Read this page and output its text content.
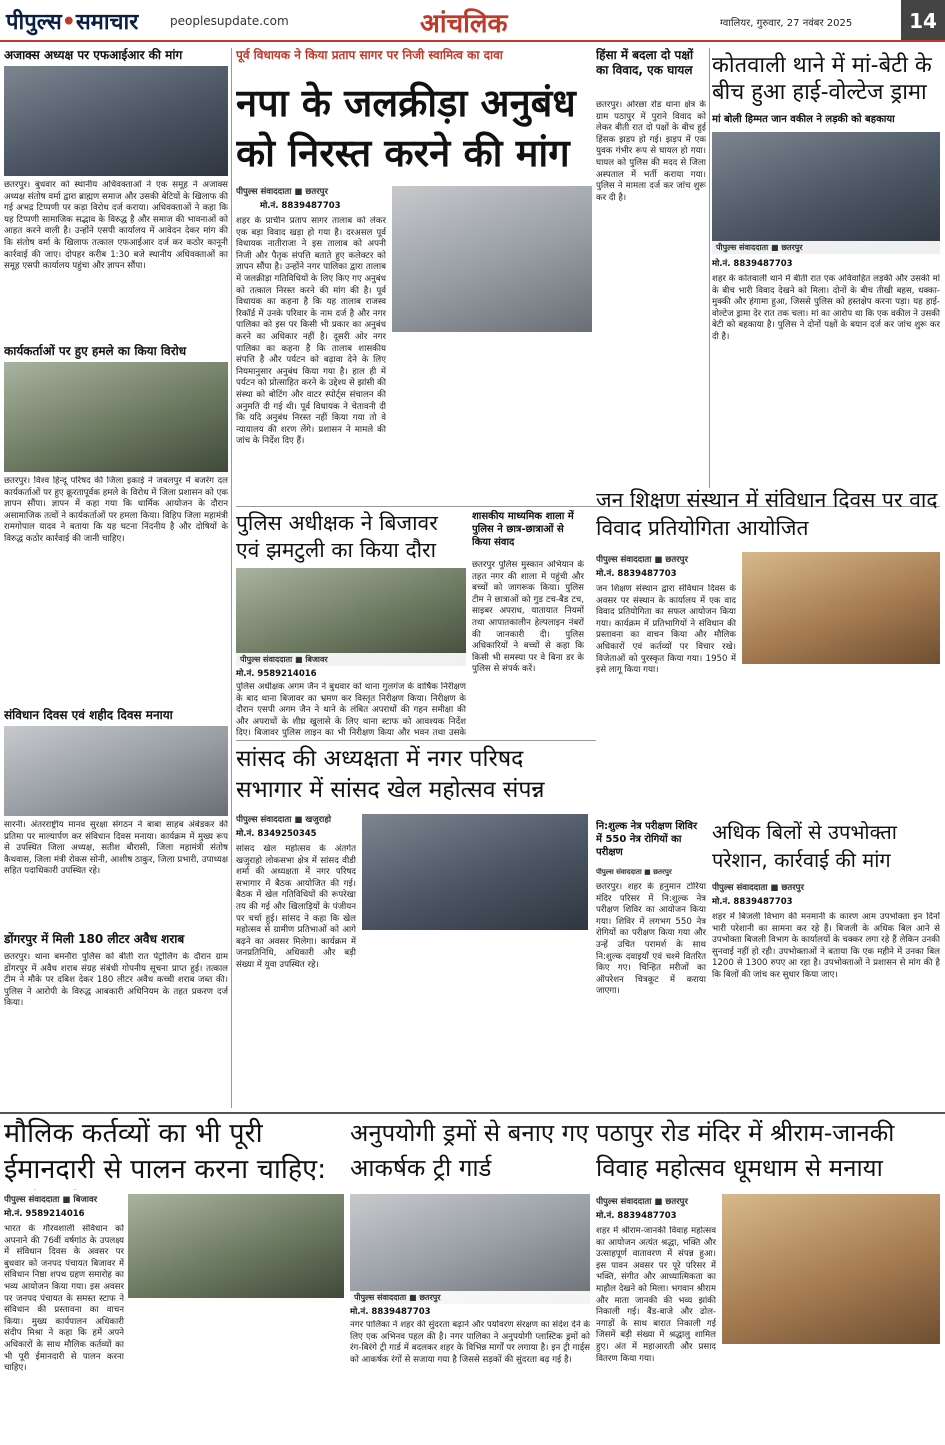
पीपुल्स•समाचार	peoplesupdate.com	आंचलिक	ग्वालियर, गुरुवार, 27 नवंबर 2025	14
अजाक्स अध्यक्ष पर एफआईआर की मांग
छतरपुर। बुधवार को स्थानीय अधिवक्ताओं ने एक समूह ने अजाक्स अध्यक्ष संतोष वर्मा द्वारा ब्राह्मण समाज और उसकी बेटियों के खिलाफ की गई अभद्र टिप्पणी पर कड़ा विरोध दर्ज कराया। अधिवक्ताओं ने कहा कि यह टिप्पणी सामाजिक सद्भाव के विरुद्ध है और समाज की भावनाओं को आहत करने वाली है। उन्होंने एसपी कार्यालय में आवेदन देकर मांग की कि संतोष वर्मा के खिलाफ तत्काल एफआईआर दर्ज कर कठोर कानूनी कार्रवाई की जाए। दोपहर करीब 1:30 बजे स्थानीय अधिवक्ताओं का समूह एसपी कार्यालय पहुंचा और ज्ञापन सौंपा।
कार्यकर्ताओं पर हुए हमले का किया विरोध
छतरपुर। विश्व हिन्दू परिषद की जिला इकाई ने जबलपुर में बजरंग दल कार्यकर्ताओं पर हुए क्रूरतापूर्वक हमले के विरोध में जिला प्रशासन को एक ज्ञापन सौंपा। ज्ञापन में कहा गया कि धार्मिक आयोजन के दौरान असामाजिक तत्वों ने कार्यकर्ताओं पर हमला किया। विहिप जिला महामंत्री रामगोपाल यादव ने बताया कि यह घटना निंदनीय है और दोषियों के विरुद्ध कठोर कार्रवाई की जानी चाहिए।
संविधान दिवस एवं शहीद दिवस मनाया
सारनी। अंतरराष्ट्रीय मानव सुरक्षा संगठन ने बाबा साहब अंबेडकर की प्रतिमा पर माल्यार्पण कर संविधान दिवस मनाया। कार्यक्रम में मुख्य रूप से उपस्थित जिला अध्यक्ष, सतीश बौरासी, जिला महामंत्री संतोष कैथवास, जिला मंत्री रोकस सोनी, आशीष ठाकुर, जिला प्रभारी, उपाध्यक्ष सहित पदाधिकारी उपस्थित रहे।
डोंगरपुर में मिली 180 लीटर अवैध शराब
छतरपुर। थाना बमनौरा पुलिस को बीती रात पेट्रोलिंग के दौरान ग्राम डोंगरपुर में अवैध शराब संग्रह संबंधी गोपनीय सूचना प्राप्त हुई। तत्काल टीम ने मौके पर दबिश देकर 180 लीटर अवैध कच्ची शराब जब्त की। पुलिस ने आरोपी के विरुद्ध आबकारी अधिनियम के तहत प्रकरण दर्ज किया।
पूर्व विधायक ने किया प्रताप सागर पर निजी स्वामित्व का दावा
नपा के जलक्रीड़ा अनुबंध को निरस्त करने की मांग
पीपुल्स संवाददाता ■ छतरपुर
मो.नं. 8839487703
शहर के प्राचीन प्रताप सागर तालाब को लेकर एक बड़ा विवाद खड़ा हो गया है। दरअसल पूर्व विधायक नातीराजा ने इस तालाब को अपनी निजी और पैतृक संपत्ति बताते हुए कलेक्टर को ज्ञापन सौंपा है। उन्होंने नगर पालिका द्वारा तालाब में जलक्रीड़ा गतिविधियों के लिए किए गए अनुबंध को तत्काल निरस्त करने की मांग की है। पूर्व विधायक का कहना है कि यह तालाब राजस्व रिकॉर्ड में उनके परिवार के नाम दर्ज है और नगर पालिका को इस पर किसी भी प्रकार का अनुबंध करने का अधिकार नहीं है। दूसरी ओर नगर पालिका का कहना है कि तालाब शासकीय संपत्ति है और पर्यटन को बढ़ावा देने के लिए नियमानुसार अनुबंध किया गया है। हाल ही में पर्यटन को प्रोत्साहित करने के उद्देश्य से झांसी की संस्था को बोटिंग और वाटर स्पोर्ट्स संचालन की अनुमति दी गई थी। पूर्व विधायक ने चेतावनी दी कि यदि अनुबंध निरस्त नहीं किया गया तो वे न्यायालय की शरण लेंगे। प्रशासन ने मामले की जांच के निर्देश दिए हैं।
हिंसा में बदला दो पक्षों का विवाद, एक घायल
छतरपुर। ओरछा रोड थाना क्षेत्र के ग्राम पठापुर में पुराने विवाद को लेकर बीती रात दो पक्षों के बीच हुई हिंसक झड़प हो गई। झड़प में एक युवक गंभीर रूप से घायल हो गया। घायल को पुलिस की मदद से जिला अस्पताल में भर्ती कराया गया। पुलिस ने मामला दर्ज कर जांच शुरू कर दी है।
कोतवाली थाने में मां-बेटी के बीच हुआ हाई-वोल्टेज ड्रामा
मां बोली हिम्मत जान वकील ने लड़की को बहकाया
पीपुल्स संवाददाता ■ छतरपुर
मो.नं. 8839487703
शहर के कोतवाली थाने में बीती रात एक अविवाहित लड़की और उसकी मां के बीच भारी विवाद देखने को मिला। दोनों के बीच तीखी बहस, धक्का-मुक्की और हंगामा हुआ, जिससे पुलिस को हस्तक्षेप करना पड़ा। यह हाई-वोल्टेज ड्रामा देर रात तक चला। मां का आरोप था कि एक वकील ने उसकी बेटी को बहकाया है। पुलिस ने दोनों पक्षों के बयान दर्ज कर जांच शुरू कर दी है।
पुलिस अधीक्षक ने बिजावर एवं झमटुली का किया दौरा
पीपुल्स संवाददाता ■ बिजावर
मो.नं. 9589214016
पुलिस अधीक्षक अगम जैन ने बुधवार को थाना गुलगंज के वार्षिक निरीक्षण के बाद थाना बिजावर का भ्रमण कर विस्तृत निरीक्षण किया। निरीक्षण के दौरान एसपी अगम जैन ने थाने के लंबित अपराधों की गहन समीक्षा की और अपराधों के शीघ्र खुलासे के लिए थाना स्टाफ को आवश्यक निर्देश दिए। बिजावर पुलिस लाइन का भी निरीक्षण किया और भवन तथा उसके
शासकीय माध्यमिक शाला में पुलिस ने छात्र-छात्राओं से किया संवाद
छतरपुर पुलिस मुस्कान अभियान के तहत नगर की शाला में पहुंची और बच्चों को जागरूक किया। पुलिस टीम ने छात्राओं को गुड टच-बैड टच, साइबर अपराध, यातायात नियमों तथा आपातकालीन हेल्पलाइन नंबरों की जानकारी दी। पुलिस अधिकारियों ने बच्चों से कहा कि किसी भी समस्या पर वे बिना डर के पुलिस से संपर्क करें।
जन शिक्षण संस्थान में संविधान दिवस पर वाद विवाद प्रतियोगिता आयोजित
पीपुल्स संवाददाता ■ छतरपुर
मो.नं. 8839487703
जन शिक्षण संस्थान द्वारा संविधान दिवस के अवसर पर संस्थान के कार्यालय में एक वाद विवाद प्रतियोगिता का सफल आयोजन किया गया। कार्यक्रम में प्रतिभागियों ने संविधान की प्रस्तावना का वाचन किया और मौलिक अधिकारों एवं कर्तव्यों पर विचार रखे। विजेताओं को पुरस्कृत किया गया। 1950 में इसे लागू किया गया।
सांसद की अध्यक्षता में नगर परिषद सभागार में सांसद खेल महोत्सव संपन्न
पीपुल्स संवाददाता ■ खजुराहो
मो.नं. 8349250345
सांसद खेल महोत्सव के अंतर्गत खजुराहो लोकसभा क्षेत्र में सांसद वीडी शर्मा की अध्यक्षता में नगर परिषद सभागार में बैठक आयोजित की गई। बैठक में खेल गतिविधियों की रूपरेखा तय की गई और खिलाड़ियों के पंजीयन पर चर्चा हुई। सांसद ने कहा कि खेल महोत्सव से ग्रामीण प्रतिभाओं को आगे बढ़ने का अवसर मिलेगा। कार्यक्रम में जनप्रतिनिधि, अधिकारी और बड़ी संख्या में युवा उपस्थित रहे।
नि:शुल्क नेत्र परीक्षण शिविर में 550 नेत्र रोगियों का परीक्षण
पीपुल्स संवाददाता ■ छतरपुर
छतरपुर। शहर के हनुमान टोरिया मंदिर परिसर में नि:शुल्क नेत्र परीक्षण शिविर का आयोजन किया गया। शिविर में लगभग 550 नेत्र रोगियों का परीक्षण किया गया और उन्हें उचित परामर्श के साथ नि:शुल्क दवाइयाँ एवं चश्मे वितरित किए गए। चिन्हित मरीजों का ऑपरेशन चित्रकूट में कराया जाएगा।
अधिक बिलों से उपभोक्ता परेशान, कार्रवाई की मांग
पीपुल्स संवाददाता ■ छतरपुर
मो.नं. 8839487703
शहर में बिजली विभाग की मनमानी के कारण आम उपभोक्ता इन दिनों भारी परेशानी का सामना कर रहे हैं। बिजली के अधिक बिल आने से उपभोक्ता बिजली विभाग के कार्यालयों के चक्कर लगा रहे हैं लेकिन उनकी सुनवाई नहीं हो रही। उपभोक्ताओं ने बताया कि एक महीने में उनका बिल 1200 से 1300 रुपए आ रहा है। उपभोक्ताओं ने प्रशासन से मांग की है कि बिलों की जांच कर सुधार किया जाए।
मौलिक कर्तव्यों का भी पूरी ईमानदारी से पालन करना चाहिए:
पीपुल्स संवाददाता ■ बिजावर
मो.नं. 9589214016
भारत के गौरवशाली संविधान को अपनाने की 76वीं वर्षगांठ के उपलक्ष्य में संविधान दिवस के अवसर पर बुधवार को जनपद पंचायत बिजावर में संविधान निष्ठा शपथ ग्रहण समारोह का भव्य आयोजन किया गया। इस अवसर पर जनपद पंचायत के समस्त स्टाफ ने संविधान की प्रस्तावना का वाचन किया। मुख्य कार्यपालन अधिकारी संदीप मिश्रा ने कहा कि हमें अपने अधिकारों के साथ मौलिक कर्तव्यों का भी पूरी ईमानदारी से पालन करना चाहिए।
अनुपयोगी ड्रमों से बनाए गए आकर्षक ट्री गार्ड
पीपुल्स संवाददाता ■ छतरपुर
मो.नं. 8839487703
नगर पालिका ने शहर की सुंदरता बढ़ाने और पर्यावरण संरक्षण का संदेश देने के लिए एक अभिनव पहल की है। नगर पालिका ने अनुपयोगी प्लास्टिक ड्रमों को रंग-बिरंगे ट्री गार्ड में बदलकर शहर के विभिन्न मार्गों पर लगाया है। इन ट्री गार्ड्स को आकर्षक रंगों से सजाया गया है जिससे सड़कों की सुंदरता बढ़ गई है।
पठापुर रोड मंदिर में श्रीराम-जानकी विवाह महोत्सव धूमधाम से मनाया
पीपुल्स संवाददाता ■ छतरपुर
मो.नं. 8839487703
शहर में श्रीराम-जानकी विवाह महोत्सव का आयोजन अत्यंत श्रद्धा, भक्ति और उत्साहपूर्ण वातावरण में संपन्न हुआ। इस पावन अवसर पर पूरे परिसर में भक्ति, संगीत और आध्यात्मिकता का माहौल देखने को मिला। भगवान श्रीराम और माता जानकी की भव्य झांकी निकाली गई। बैंड-बाजे और ढोल-नगाड़ों के साथ बारात निकाली गई जिसमें बड़ी संख्या में श्रद्धालु शामिल हुए। अंत में महाआरती और प्रसाद वितरण किया गया।
